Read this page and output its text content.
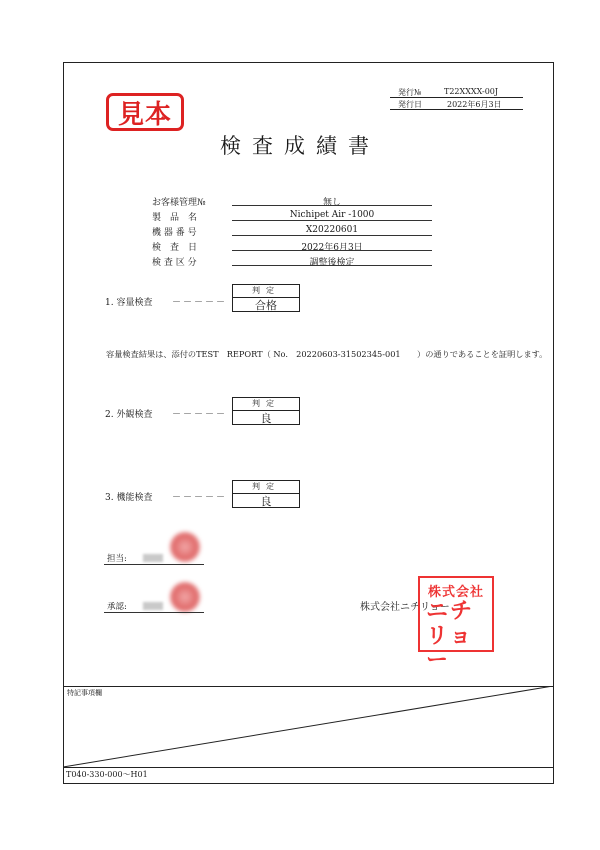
発行№	T22XXXX-00J
発行日	2022年6月3日
見本
検査成績書
お客様管理№	無し
製　品　名	Nichipet Air -1000
機 器 番 号	X20220601
検　査　日	2022年6月3日
検 査 区 分	調整後検定
1. 容量検査 －－－－－
判定
合格
容量検査結果は、添付のTEST　REPORT（ No.　20220603-31502345-001　　）の通りであることを証明します。
2. 外観検査 －－－－－
判定
良
3. 機能検査 －－－－－
判定
良
担当:
承認:	株式会社ニチリョー
株式会社
ニチ
リョー
特記事項欄
T040-330-000～H01
